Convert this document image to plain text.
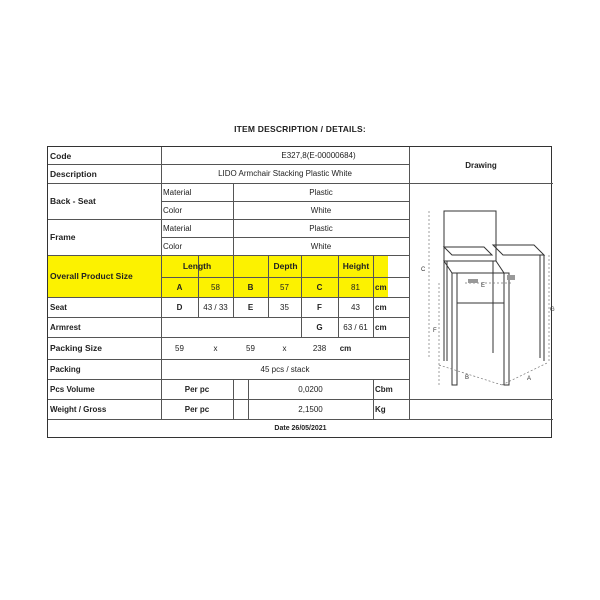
ITEM DESCRIPTION / DETAILS:
Code	E327,8(E-00000684)
Description	LIDO Armchair Stacking Plastic White
Drawing
Back - Seat
Material	Plastic
Color	White
Frame
Material	Plastic
Color	White
Overall Product Size
Length	Depth	Height
A	58	B	57	C	81	cm
Seat	D	43 / 33	E	35	F	43	cm
Armrest	G	63 / 61 cm
Packing Size	59	x	59	x	238	cm
Packing	45 pcs / stack
Pcs Volume	Per pc	0,0200	Cbm
Weight / Gross	Per pc	2,1500	Kg
Date 26/05/2021
C
F
G
E
B	A
